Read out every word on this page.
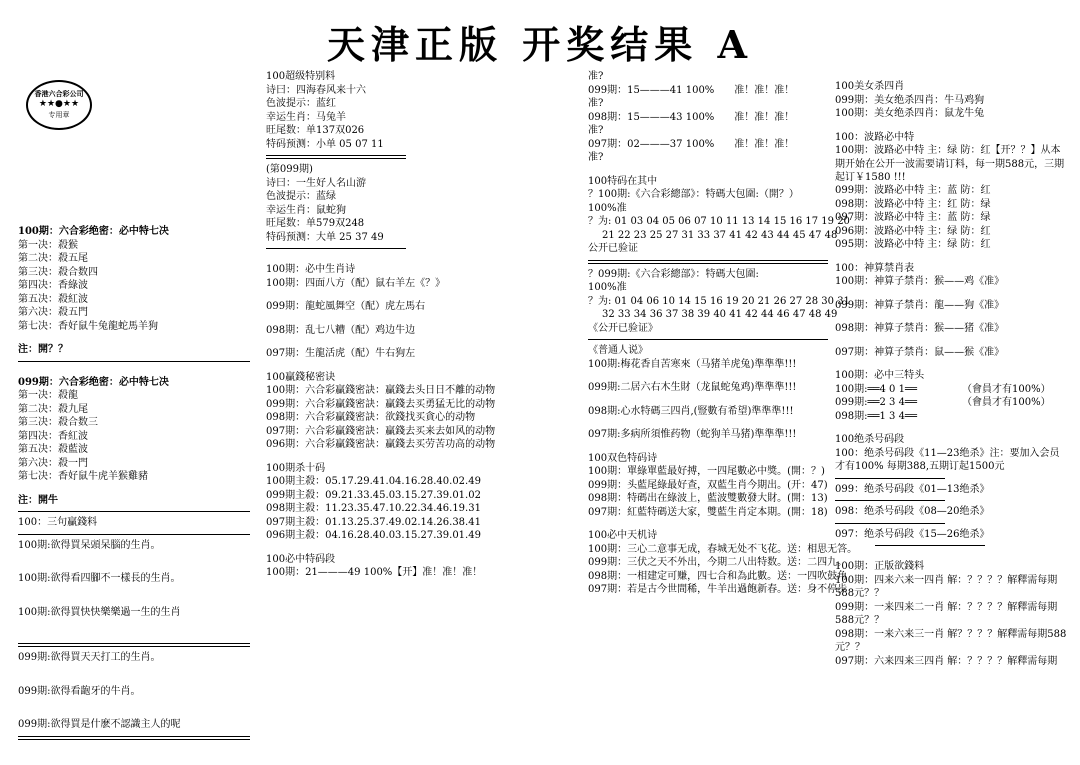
天津正版 开奖结果 A
香港六合彩公司
★★●★★
专用章
100期：六合彩绝密：必中特七决
第一决：殺猴
第二决：殺五尾
第三决：殺合数四
第四决：香綠波
第五决：殺紅波
第六决：殺五門
第七决：香好鼠牛兔龍蛇馬羊狗
注：開？？
099期：六合彩绝密：必中特七决
第一决：殺龍
第二决：殺九尾
第三决：殺合数三
第四决：香紅波
第五决：殺藍波
第六决：殺一門
第七决：香好鼠牛虎羊猴雞豬
注：開牛
100：三句贏錢料
100期:欲得買呆頭呆腦的生肖。
100期:欲得看四腳不一樣長的生肖。
100期:欲得買快快樂樂過一生的生肖
099期:欲得買天天打工的生肖。
099期:欲得看龅牙的牛肖。
099期:欲得買是什麽不認識主人的呢
100超级特别料
诗曰：四海春风来十六
色波提示：蓝红
幸运生肖：马兔羊
旺尾数：单137双026
特码预测：小单 05 07 11
(第099期)
诗曰：一生好人名山游
色波提示：蓝绿
幸运生肖：鼠蛇狗
旺尾数：单579双248
特码预测：大单 25 37 49
100期：必中生肖诗
100期：四面八方（配）鼠右羊左《？》
099期：龍蛇風舞空（配）虎左馬右
098期：乱七八糟（配）鸡边牛边
097期：生龍活虎（配）牛右狗左
100贏錢秘密诀
100期：六合彩贏錢密訣：贏錢去头日日不離的动物
099期：六合彩贏錢密訣：贏錢去买勇猛无比的动物
098期：六合彩贏錢密訣：欲錢找买貪心的动物
097期：六合彩贏錢密訣：贏錢去买来去如风的动物
096期：六合彩贏錢密訣：贏錢去买劳苦功高的动物
100期杀十码
100期主殺：05.17.29.41.04.16.28.40.02.49
099期主殺：09.21.33.45.03.15.27.39.01.02
098期主殺：11.23.35.47.10.22.34.46.19.31
097期主殺：01.13.25.37.49.02.14.26.38.41
096期主殺：04.16.28.40.03.15.27.39.01.49
100必中特码段
100期：21———49 100%【开】准！准！准！
准?
099期：15———41 100%　　准！准！准！
准?
098期：15———43 100%　　准！准！准！
准?
097期：02———37 100%　　准！准！准！
准?
100特码在其中
？100期:《六合彩總部》：特碼大包圍:（開？）
100%准
？为: 01 03 04 05 06 07 10 11 13 14 15 16 17 19 20
21 22 23 25 27 31 33 37 41 42 43 44 45 47 48
公开已验证
？099期:《六合彩總部》：特碼大包圍:
100%准
？为: 01 04 06 10 14 15 16 19 20 21 26 27 28 30 31
32 33 34 36 37 38 39 40 41 42 44 46 47 48 49
《公开已验证》
《普通人说》
100期:梅花香自苦寒來（马猪羊虎兔)準準準!!!
099期:二居六右木生財（龙鼠蛇兔鸡)準準準!!!
098期:心水特碼三四肖,(豎數有希望)準準準!!!
097期:多病所須惟药物（蛇狗羊马猪)準準準!!!
100双色特码诗
100期：單綠單藍最好搏，一四尾數必中獎。(開：？)
099期：头藍尾綠最好查，双藍生肖今期出。(开：47)
098期：特碼出在綠波上，藍波雙數發大財。(開：13)
097期：紅藍特碼送大家，雙藍生肖定本期。(開：18)
100必中天机诗
100期：三心二意事无成，春城无处不飞花。送：相思无答。
099期：三伏之天不外出，今期二八出特数。送：二四九。
098期：一相建定可赚，四七合和為此數。送：一四吹鼓角
097期：若是古今世間稀，牛羊出過飽新春。送：身不停步
100美女杀四肖
099期：美女绝杀四肖：牛马鸡狗
100期：美女绝杀四肖：鼠龙牛兔
100：波路必中特
100期：波路必中特 主：绿 防：红【开？？】从本期开始在公开一波需要请订料，每一期588元，三期起订￥1580 !!!
099期：波路必中特 主：蓝 防：红
098期：波路必中特 主：红 防：绿
097期：波路必中特 主：蓝 防：绿
096期：波路必中特 主：绿 防：红
095期：波路必中特 主：绿 防：红
100：神算禁肖表
100期：神算子禁肖：猴——鸡《准》
099期：神算子禁肖：龍——狗《准》
098期：神算子禁肖：猴——猪《准》
097期：神算子禁肖：鼠——猴《准》
100期：必中三特头
100期:══4 0 1══　　　　　（會員才有100%）
099期:══2 3 4══　　　　　（會員才有100%）
098期:══1 3 4══
100绝杀号码段
100：绝杀号码段《11—23绝杀》注：要加入会员才有100% 每期388,五期订起1500元
099：绝杀号码段《01—13绝杀》
098：绝杀号码段《08—20绝杀》
097：绝杀号码段《15—26绝杀》
100期：正版欲錢料
100期：四来六来一四肖 解：？？？？解釋需每期588元？？
099期：一来四来二一肖 解：？？？？解釋需每期588元？？
098期：一来六来三一肖 解？？？？解釋需每期588元？？
097期：六来四来三四肖 解：？？？？解釋需每期
